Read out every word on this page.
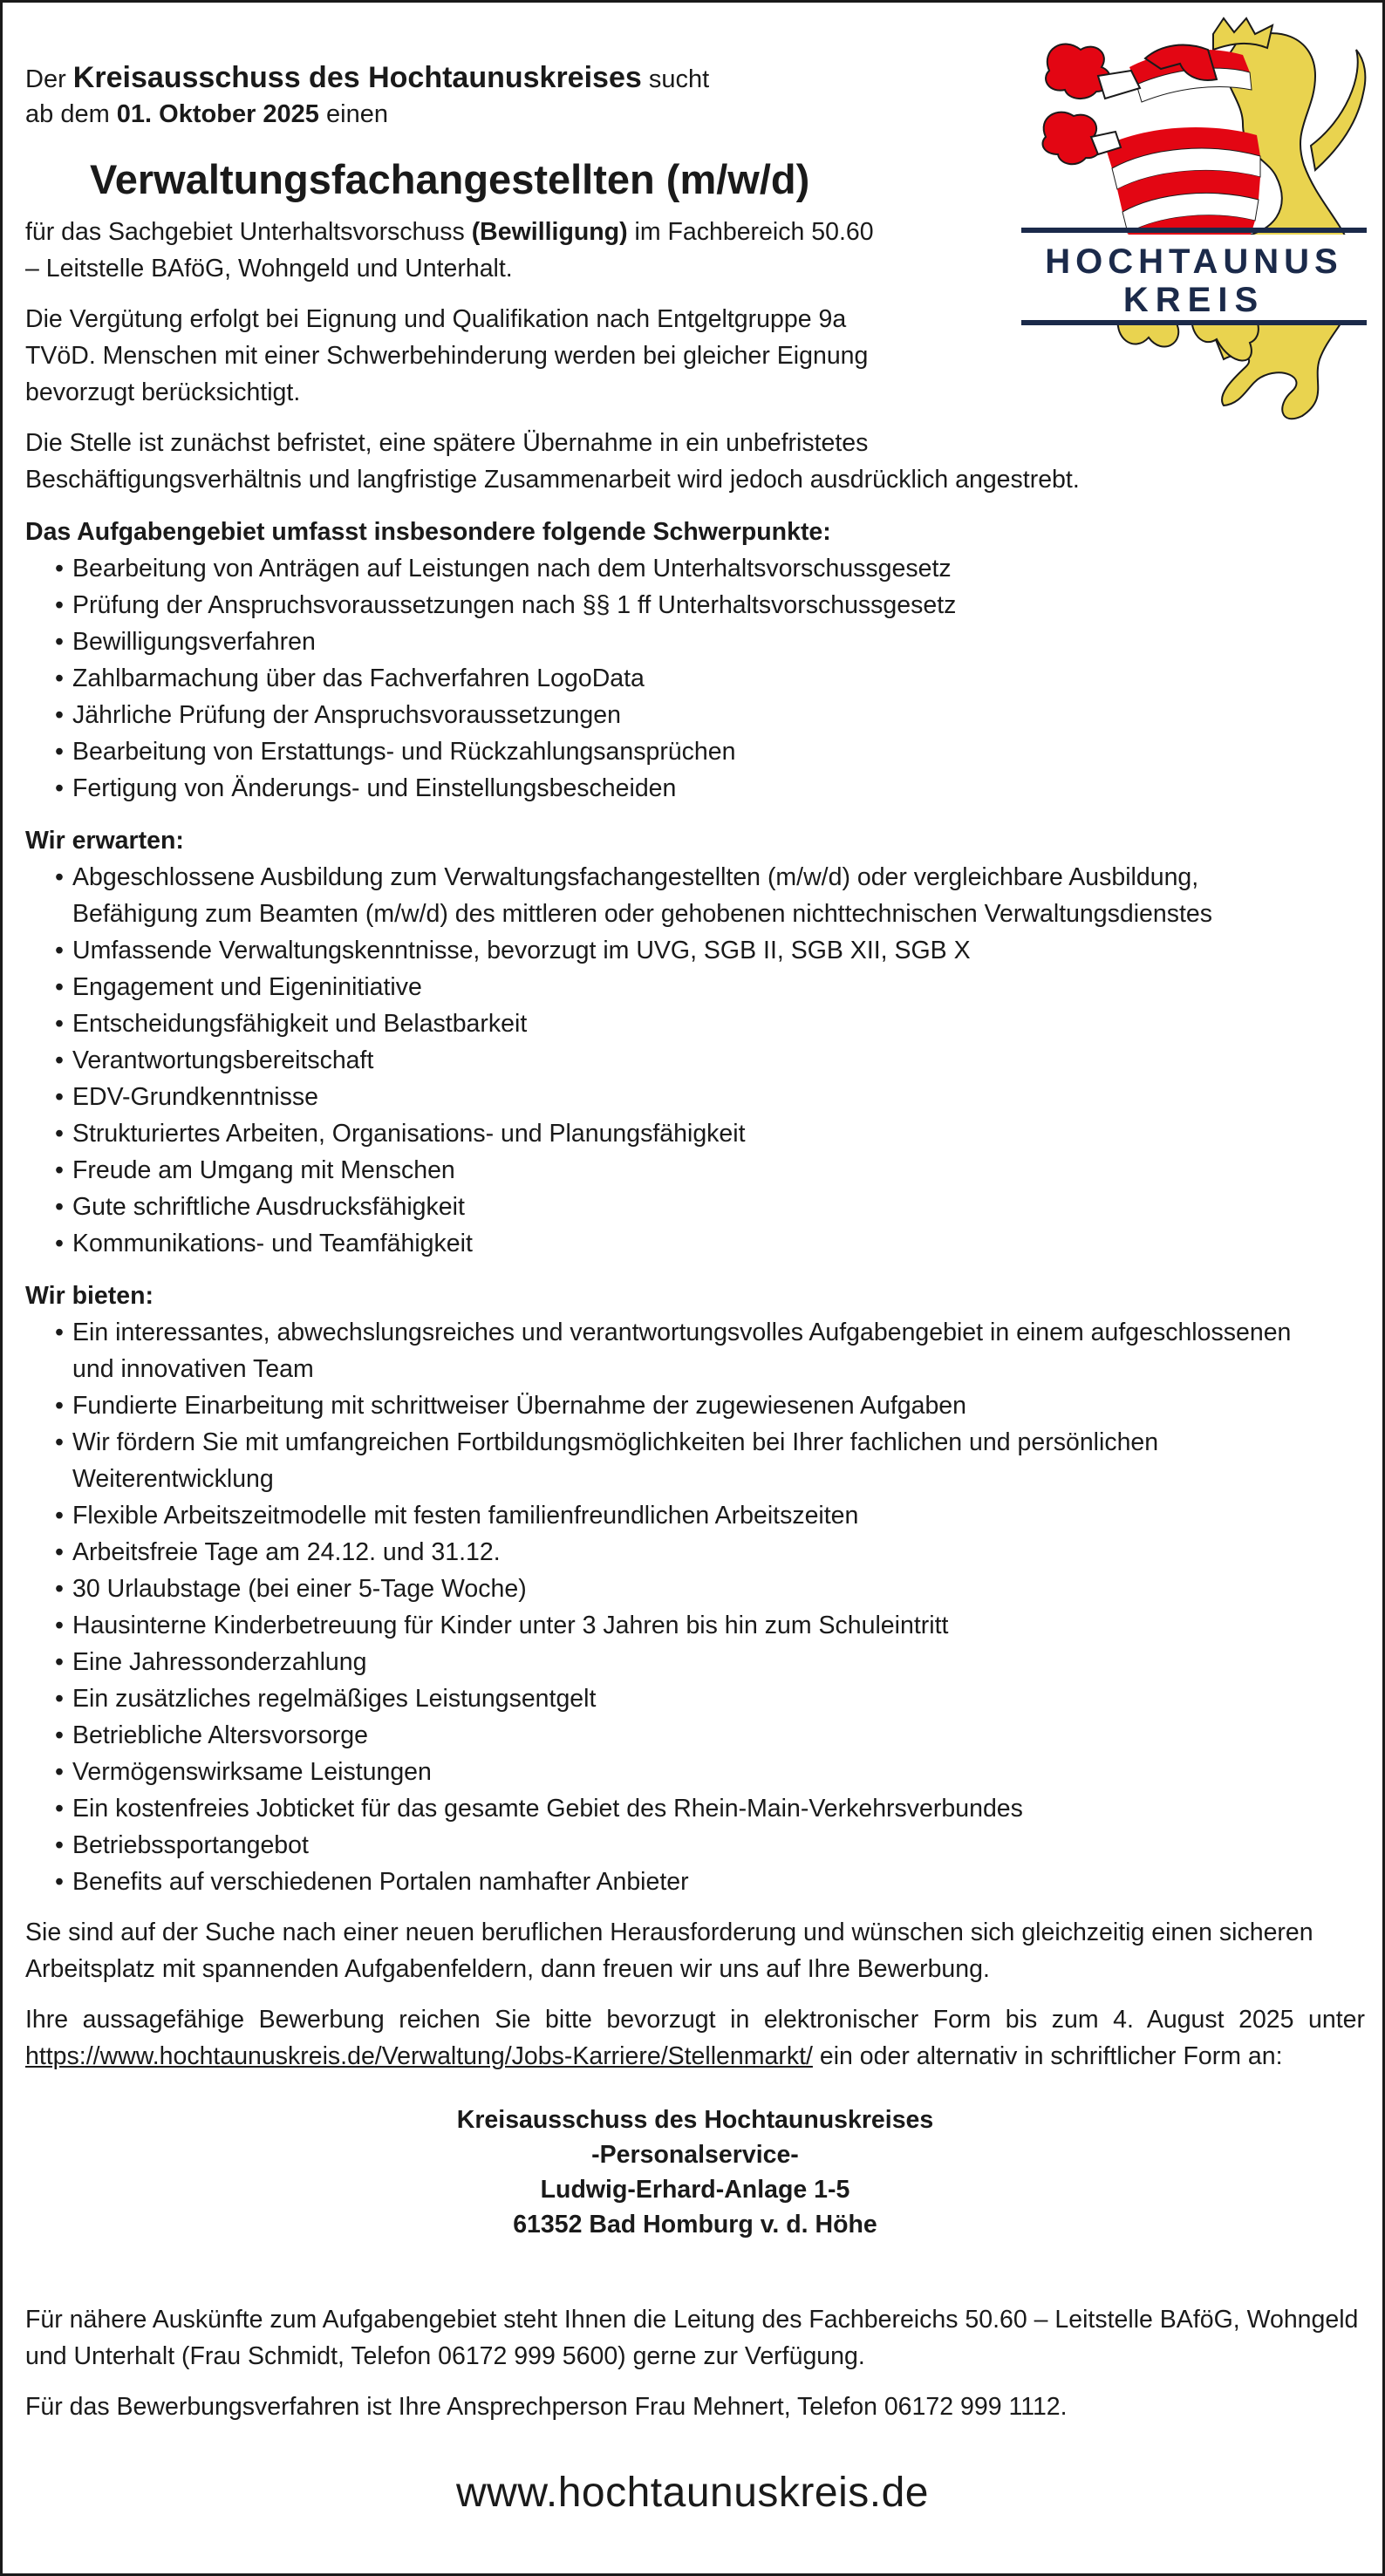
HOCHTAUNUS
KREIS

Der Kreisausschuss des Hochtaunuskreises sucht

ab dem 01. Oktober 2025 einen

Verwaltungsfachangestellten (m/w/d)

für das Sachgebiet Unterhaltsvorschuss (Bewilligung) im Fachbereich 50.60
– Leitstelle BAföG, Wohngeld und Unterhalt.

Die Vergütung erfolgt bei Eignung und Qualifikation nach Entgeltgruppe 9a
TVöD. Menschen mit einer Schwerbehinderung werden bei gleicher Eignung
bevorzugt berücksichtigt.

Die Stelle ist zunächst befristet, eine spätere Übernahme in ein unbefristetes
Beschäftigungsverhältnis und langfristige Zusammenarbeit wird jedoch ausdrücklich angestrebt.

Das Aufgabengebiet umfasst insbesondere folgende Schwerpunkte:

• Bearbeitung von Anträgen auf Leistungen nach dem Unterhaltsvorschussgesetz
• Prüfung der Anspruchsvoraussetzungen nach §§ 1 ff Unterhaltsvorschussgesetz
• Bewilligungsverfahren
• Zahlbarmachung über das Fachverfahren LogoData
• Jährliche Prüfung der Anspruchsvoraussetzungen
• Bearbeitung von Erstattungs- und Rückzahlungsansprüchen
• Fertigung von Änderungs- und Einstellungsbescheiden

Wir erwarten:

• Abgeschlossene Ausbildung zum Verwaltungsfachangestellten (m/w/d) oder vergleichbare Ausbildung, Befähigung zum Beamten (m/w/d) des mittleren oder gehobenen nichttechnischen Verwaltungsdienstes
• Umfassende Verwaltungskenntnisse, bevorzugt im UVG, SGB II, SGB XII, SGB X
• Engagement und Eigeninitiative
• Entscheidungsfähigkeit und Belastbarkeit
• Verantwortungsbereitschaft
• EDV-Grundkenntnisse
• Strukturiertes Arbeiten, Organisations- und Planungsfähigkeit
• Freude am Umgang mit Menschen
• Gute schriftliche Ausdrucksfähigkeit
• Kommunikations- und Teamfähigkeit

Wir bieten:

• Ein interessantes, abwechslungsreiches und verantwortungsvolles Aufgabengebiet in einem aufgeschlossenen und innovativen Team
• Fundierte Einarbeitung mit schrittweiser Übernahme der zugewiesenen Aufgaben
• Wir fördern Sie mit umfangreichen Fortbildungsmöglichkeiten bei Ihrer fachlichen und persönlichen Weiterentwicklung
• Flexible Arbeitszeitmodelle mit festen familienfreundlichen Arbeitszeiten
• Arbeitsfreie Tage am 24.12. und 31.12.
• 30 Urlaubstage (bei einer 5-Tage Woche)
• Hausinterne Kinderbetreuung für Kinder unter 3 Jahren bis hin zum Schuleintritt
• Eine Jahressonderzahlung
• Ein zusätzliches regelmäßiges Leistungsentgelt
• Betriebliche Altersvorsorge
• Vermögenswirksame Leistungen
• Ein kostenfreies Jobticket für das gesamte Gebiet des Rhein-Main-Verkehrsverbundes
• Betriebssportangebot
• Benefits auf verschiedenen Portalen namhafter Anbieter

Sie sind auf der Suche nach einer neuen beruflichen Herausforderung und wünschen sich gleichzeitig einen sicheren Arbeitsplatz mit spannenden Aufgabenfeldern, dann freuen wir uns auf Ihre Bewerbung.

Ihre aussagefähige Bewerbung reichen Sie bitte bevorzugt in elektronischer Form bis zum 4. August 2025 unter https://www.hochtaunuskreis.de/Verwaltung/Jobs-Karriere/Stellenmarkt/ ein oder alternativ in schriftlicher Form an:

Kreisausschuss des Hochtaunuskreises

-Personalservice-

Ludwig-Erhard-Anlage 1-5

61352 Bad Homburg v. d. Höhe

Für nähere Auskünfte zum Aufgabengebiet steht Ihnen die Leitung des Fachbereichs 50.60 – Leitstelle BAföG, Wohngeld und Unterhalt (Frau Schmidt, Telefon 06172 999 5600) gerne zur Verfügung.

Für das Bewerbungsverfahren ist Ihre Ansprechperson Frau Mehnert, Telefon 06172 999 1112.

www.hochtaunuskreis.de
